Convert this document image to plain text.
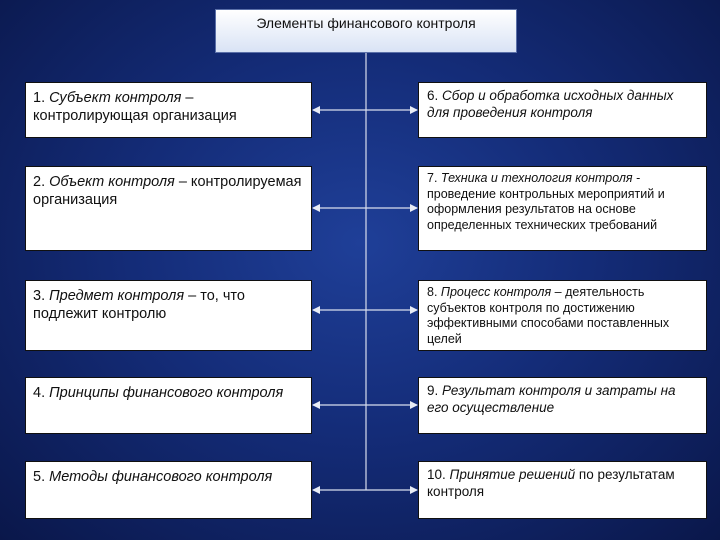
Элементы финансового контроля
1. Субъект контроля – контролирующая организация
2. Объект контроля – контролируемая организация
3. Предмет контроля – то, что подлежит контролю
4. Принципы финансового контроля
5. Методы финансового контроля
6. Сбор и обработка исходных данных для проведения контроля
7. Техника и технология контроля - проведение контрольных мероприятий и оформления результатов на основе определенных технических требований
8. Процесс контроля – деятельность субъектов контроля по достижению эффективными способами поставленных целей
9. Результат контроля и затраты на его осуществление
10. Принятие решений по результатам контроля
